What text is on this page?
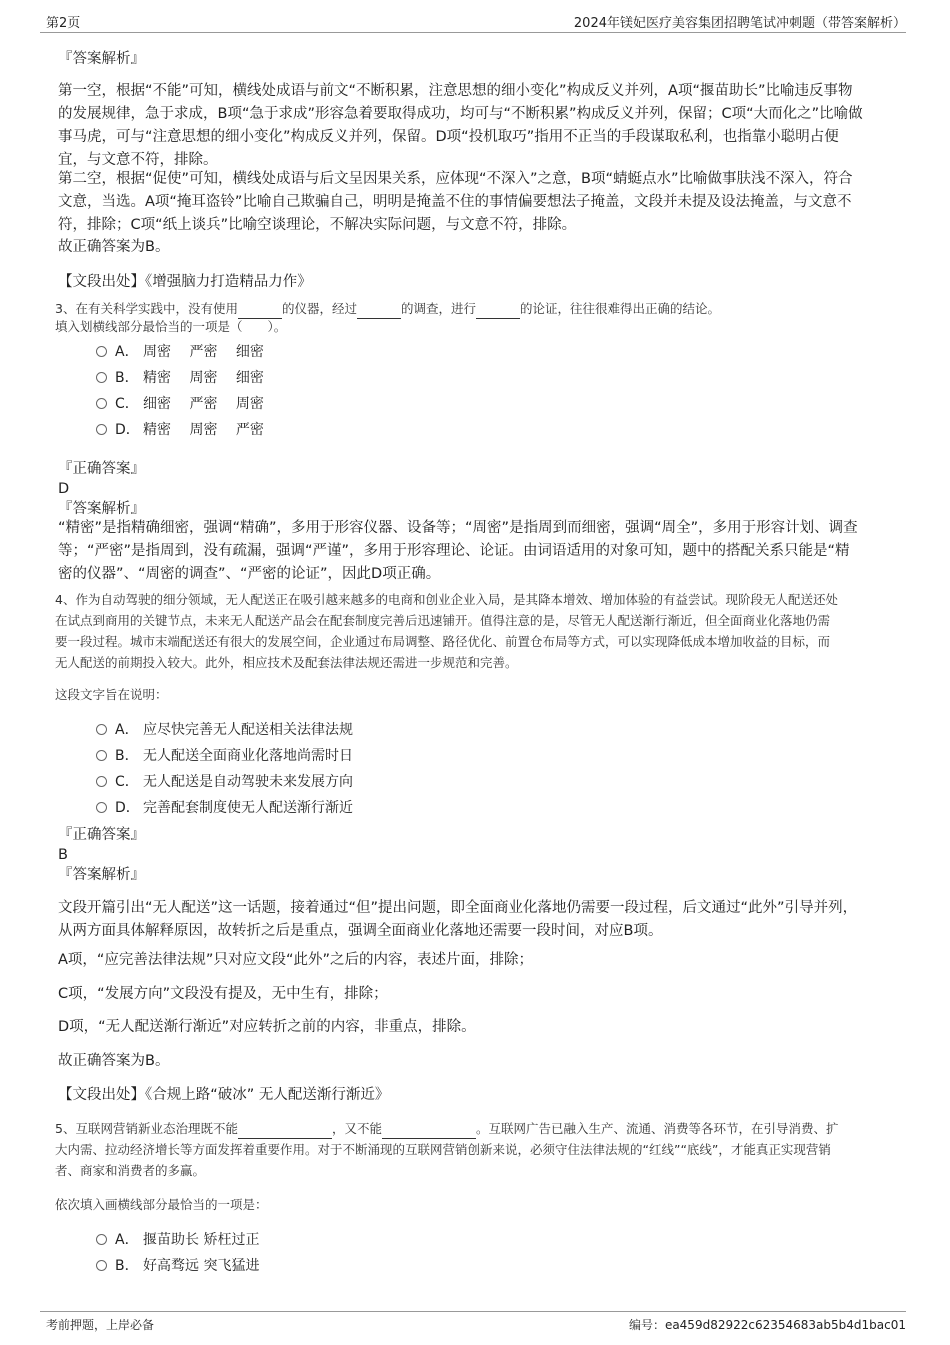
第2页	2024年镁妃医疗美容集团招聘笔试冲刺题（带答案解析）
『答案解析』
第一空，根据“不能”可知，横线处成语与前文“不断积累，注意思想的细小变化”构成反义并列，A项“揠苗助长”比喻违反事物
的发展规律，急于求成，B项“急于求成”形容急着要取得成功，均可与“不断积累”构成反义并列，保留；C项“大而化之”比喻做
事马虎，可与“注意思想的细小变化”构成反义并列，保留。D项“投机取巧”指用不正当的手段谋取私利，也指靠小聪明占便
宜，与文意不符，排除。
第二空，根据“促使”可知，横线处成语与后文呈因果关系，应体现“不深入”之意，B项“蜻蜓点水”比喻做事肤浅不深入，符合
文意，当选。A项“掩耳盗铃”比喻自己欺骗自己，明明是掩盖不住的事情偏要想法子掩盖，文段并未提及设法掩盖，与文意不
符，排除；C项“纸上谈兵”比喻空谈理论，不解决实际问题，与文意不符，排除。
故正确答案为B。
【文段出处】《增强脑力打造精品力作》
3、在有关科学实践中，没有使用	的仪器，经过	的调查，进行	的论证，往往很难得出正确的结论。
填入划横线部分最恰当的一项是（　　）。
A． 周密　 严密　 细密
B． 精密　 周密　 细密
C． 细密　 严密　 周密
D． 精密　 周密　 严密
『正确答案』
D
『答案解析』
“精密”是指精确细密，强调“精确”，多用于形容仪器、设备等；“周密”是指周到而细密，强调“周全”，多用于形容计划、调查
等；“严密”是指周到，没有疏漏，强调“严谨”，多用于形容理论、论证。由词语适用的对象可知，题中的搭配关系只能是“精
密的仪器”、“周密的调查”、“严密的论证”，因此D项正确。
4、作为自动驾驶的细分领域，无人配送正在吸引越来越多的电商和创业企业入局，是其降本增效、增加体验的有益尝试。现阶段无人配送还处
在试点到商用的关键节点，未来无人配送产品会在配套制度完善后迅速铺开。值得注意的是，尽管无人配送渐行渐近，但全面商业化落地仍需
要一段过程。城市末端配送还有很大的发展空间，企业通过布局调整、路径优化、前置仓布局等方式，可以实现降低成本增加收益的目标，而
无人配送的前期投入较大。此外，相应技术及配套法律法规还需进一步规范和完善。
这段文字旨在说明：
A． 应尽快完善无人配送相关法律法规
B． 无人配送全面商业化落地尚需时日
C． 无人配送是自动驾驶未来发展方向
D． 完善配套制度使无人配送渐行渐近
『正确答案』
B
『答案解析』
文段开篇引出“无人配送”这一话题，接着通过“但”提出问题，即全面商业化落地仍需要一段过程，后文通过“此外”引导并列，
从两方面具体解释原因，故转折之后是重点，强调全面商业化落地还需要一段时间，对应B项。
A项，“应完善法律法规”只对应文段“此外”之后的内容，表述片面，排除；
C项，“发展方向”文段没有提及，无中生有，排除；
D项，“无人配送渐行渐近”对应转折之前的内容，非重点，排除。
故正确答案为B。
【文段出处】《合规上路“破冰” 无人配送渐行渐近》
5、互联网营销新业态治理既不能	，又不能	。互联网广告已融入生产、流通、消费等各环节，在引导消费、扩
大内需、拉动经济增长等方面发挥着重要作用。对于不断涌现的互联网营销创新来说，必须守住法律法规的“红线”“底线”，才能真正实现营销
者、商家和消费者的多赢。
依次填入画横线部分最恰当的一项是：
A． 揠苗助长 矫枉过正
B． 好高骛远 突飞猛进
考前押题，上岸必备	编号：ea459d82922c62354683ab5b4d1bac01
